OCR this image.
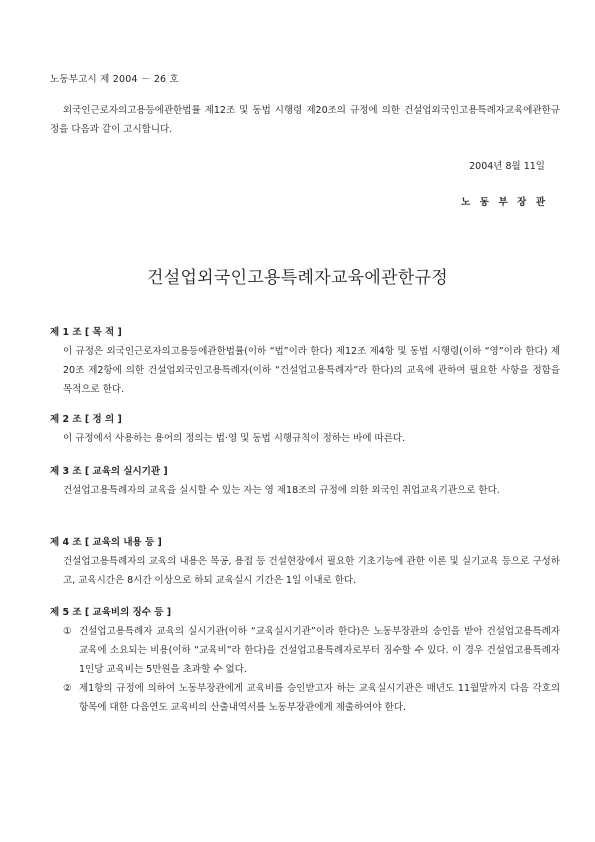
노동부고시 제 2004 － 26 호
외국인근로자의고용등에관한법률 제12조 및 동법 시행령 제20조의 규정에 의한 건설업외국인고용특례자교육에관한규정을 다음과 같이 고시합니다.
2004년 8월 11일
노동부장관
건설업외국인고용특례자교육에관한규정
제 1 조 [ 목 적 ]
이 규정은 외국인근로자의고용등에관한법률(이하 “법”이라 한다) 제12조 제4항 및 동법 시행령(이하 “영”이라 한다) 제20조 제2항에 의한 건설업외국인고용특례자(이하 “건설업고용특례자”라 한다)의 교육에 관하여 필요한 사항을 정함을 목적으로 한다.
제 2 조 [ 정 의 ]
이 규정에서 사용하는 용어의 정의는 법·영 및 동법 시행규칙이 정하는 바에 따른다.
제 3 조 [ 교육의 실시기관 ]
건설업고용특례자의 교육을 실시할 수 있는 자는 영 제18조의 규정에 의한 외국인 취업교육기관으로 한다.
제 4 조 [ 교육의 내용 등 ]
건설업고용특례자의 교육의 내용은 목공, 용접 등 건설현장에서 필요한 기초기능에 관한 이론 및 실기교육 등으로 구성하고, 교육시간은 8시간 이상으로 하되 교육실시 기간은 1일 이내로 한다.
제 5 조 [ 교육비의 징수 등 ]
① 건설업고용특례자 교육의 실시기관(이하 “교육실시기관”이라 한다)은 노동부장관의 승인을 받아 건설업고용특례자 교육에 소요되는 비용(이하 “교육비”라 한다)을 건설업고용특례자로부터 징수할 수 있다. 이 경우 건설업고용특례자 1인당 교육비는 5만원을 초과할 수 없다.
② 제1항의 규정에 의하여 노동부장관에게 교육비를 승인받고자 하는 교육실시기관은 매년도 11월말까지 다음 각호의 항목에 대한 다음연도 교육비의 산출내역서를 노동부장관에게 제출하여야 한다.
